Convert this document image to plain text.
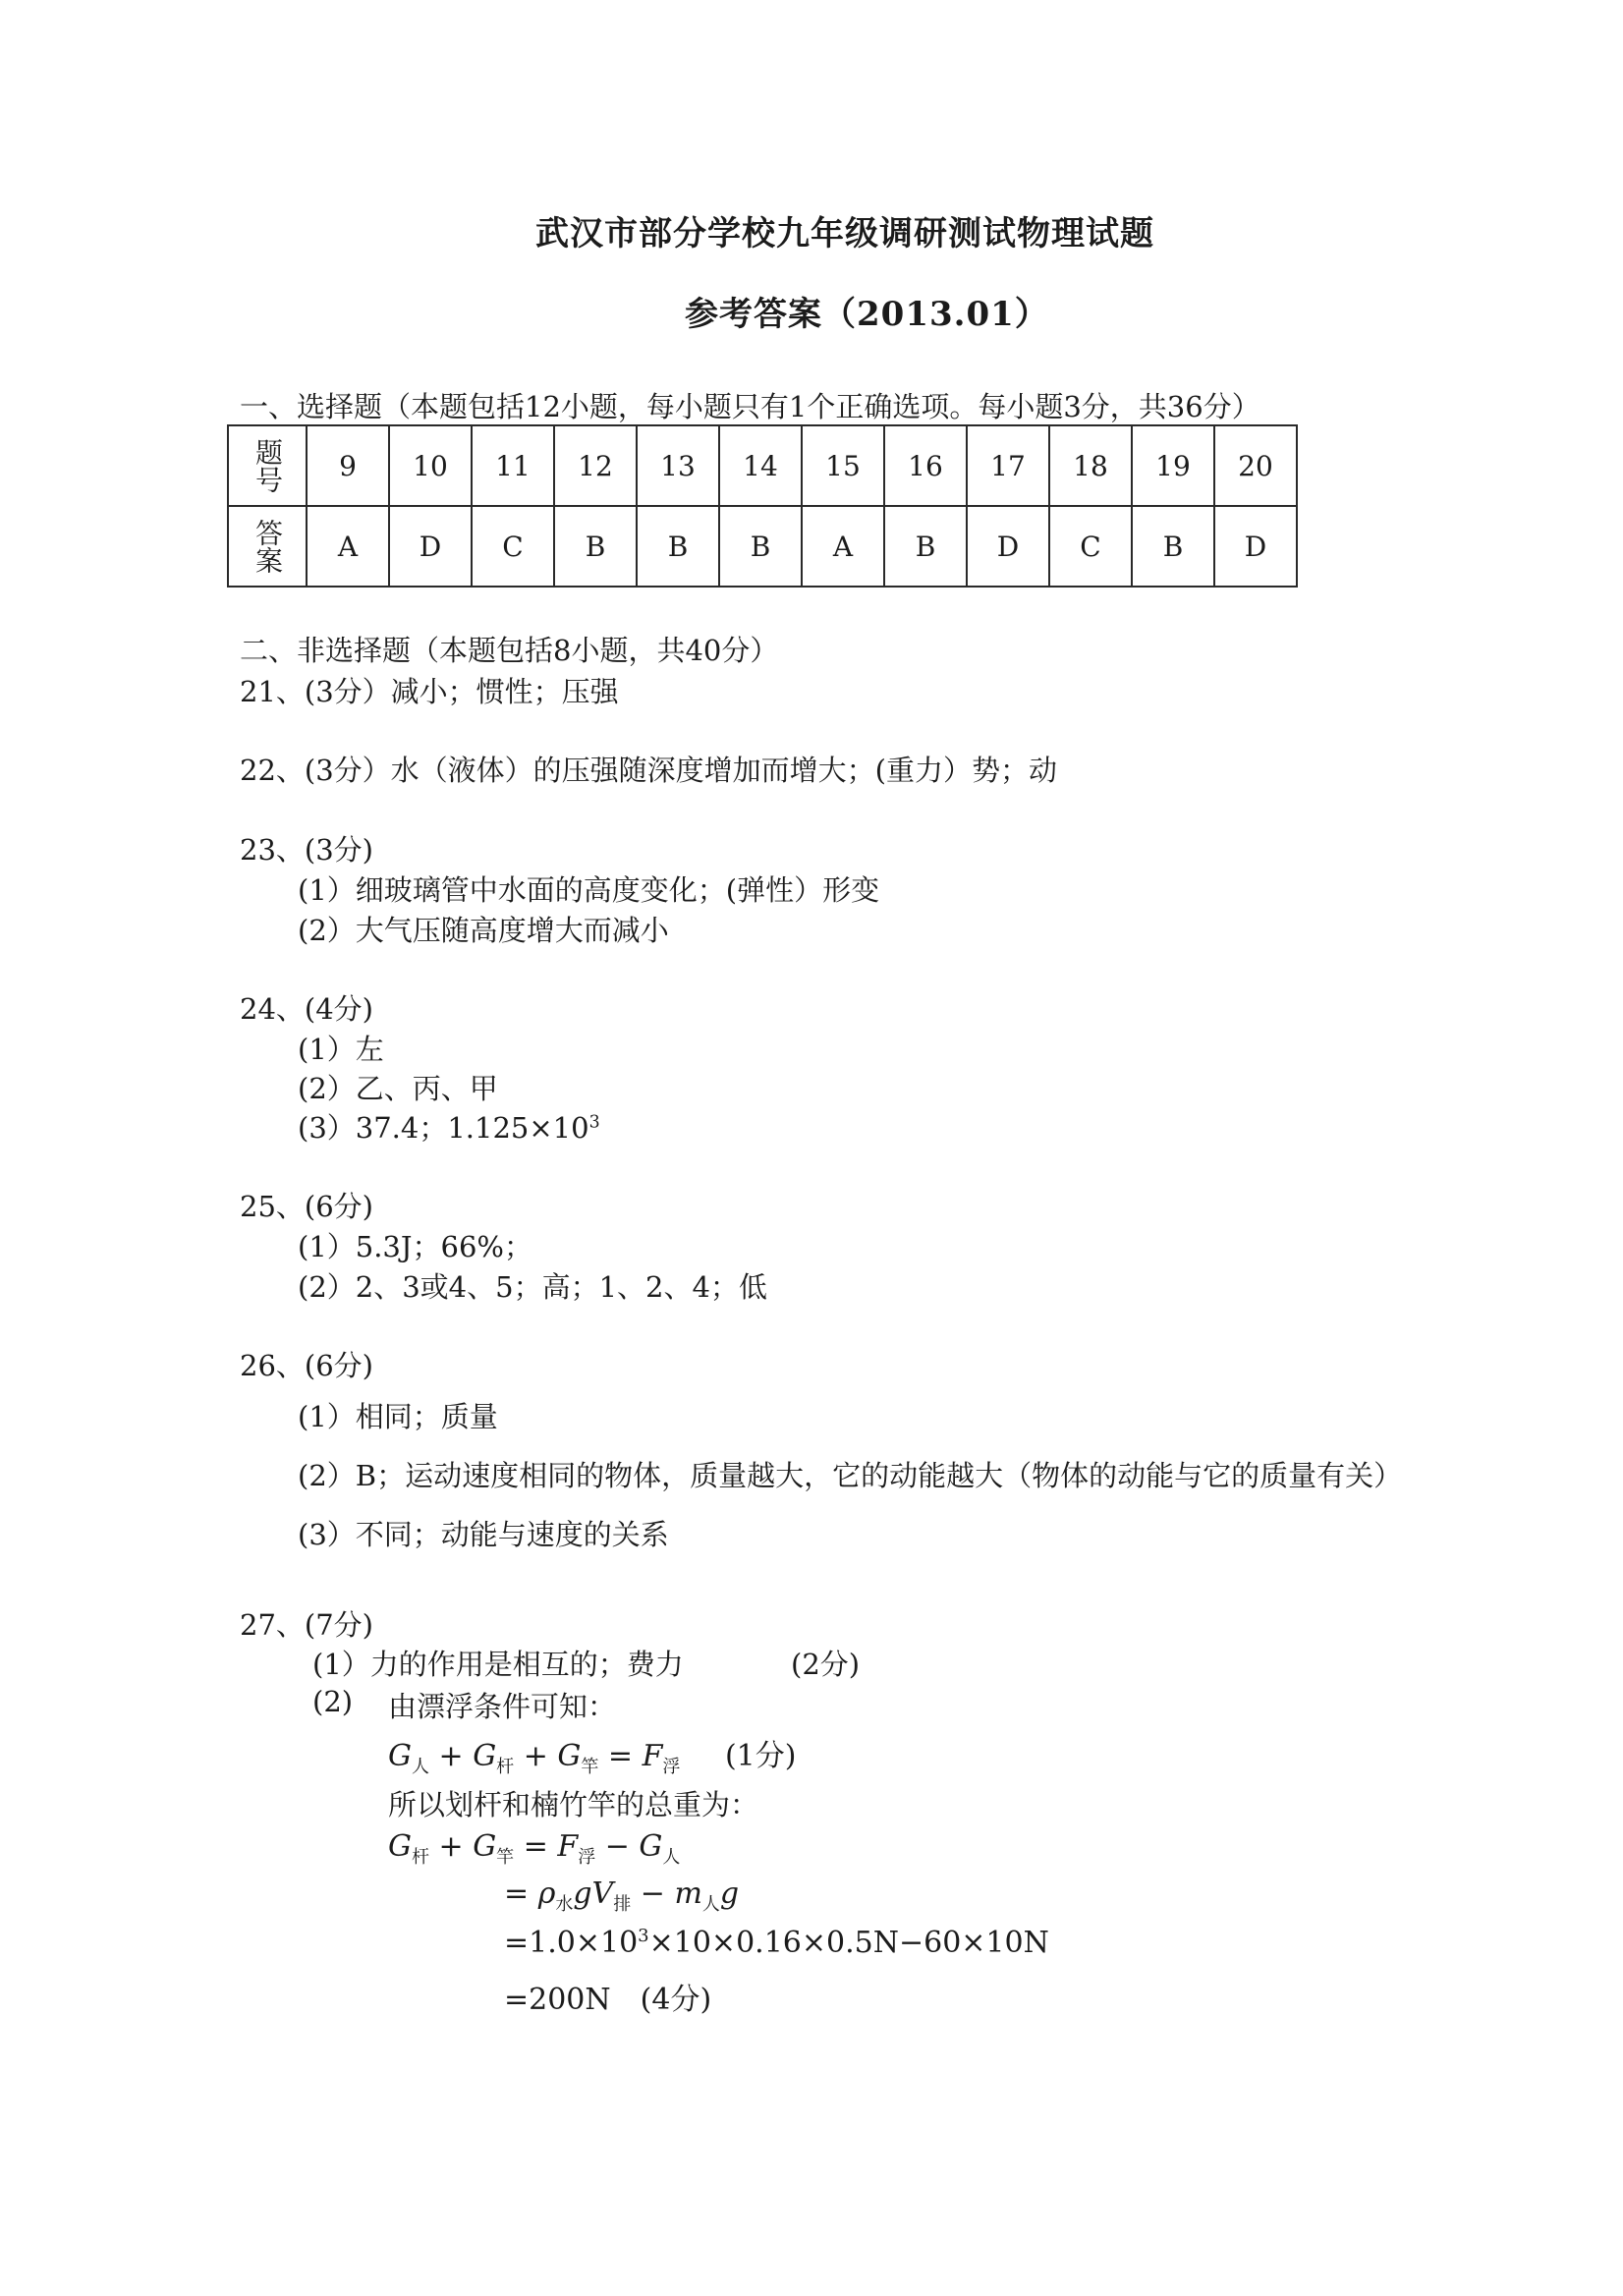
武汉市部分学校九年级调研测试物理试题
参考答案（2013.01）
一、选择题（本题包括12小题，每小题只有1个正确选项。每小题3分，共36分）
题号	9	10	11	12	13	14	15	16	17	18	19	20
答案	A	D	C	B	B	B	A	B	D	C	B	D
二、非选择题（本题包括8小题，共40分）
21、(3分）减小；惯性；压强
22、(3分）水（液体）的压强随深度增加而增大；(重力）势；动
23、(3分)
(1）细玻璃管中水面的高度变化；(弹性）形变
(2）大气压随高度增大而减小
24、(4分)
(1）左
(2）乙、丙、甲
(3）37.4；$1.125\times 10^3$
25、(6分)
(1）5.3J；66%；
(2）2、3或4、5；高；1、2、4；低
26、(6分)
(1）相同；质量
(2）B；运动速度相同的物体，质量越大，它的动能越大（物体的动能与它的质量有关）
(3）不同；动能与速度的关系
27、(7分)
(1）力的作用是相互的；费力	(2分)
(2) 由漂浮条件可知：
$G_人 + G_杆 + G_竿 = F_浮$ (1分)
所以划杆和楠竹竿的总重为：
$G_杆 + G_竿 = F_浮 - G_人$
= $\rho_水gV_排 - m_人g$
$=1.0\times 10^3\times 10\times 0.16\times 0.5N-60\times 10N$
=200N (4分)
